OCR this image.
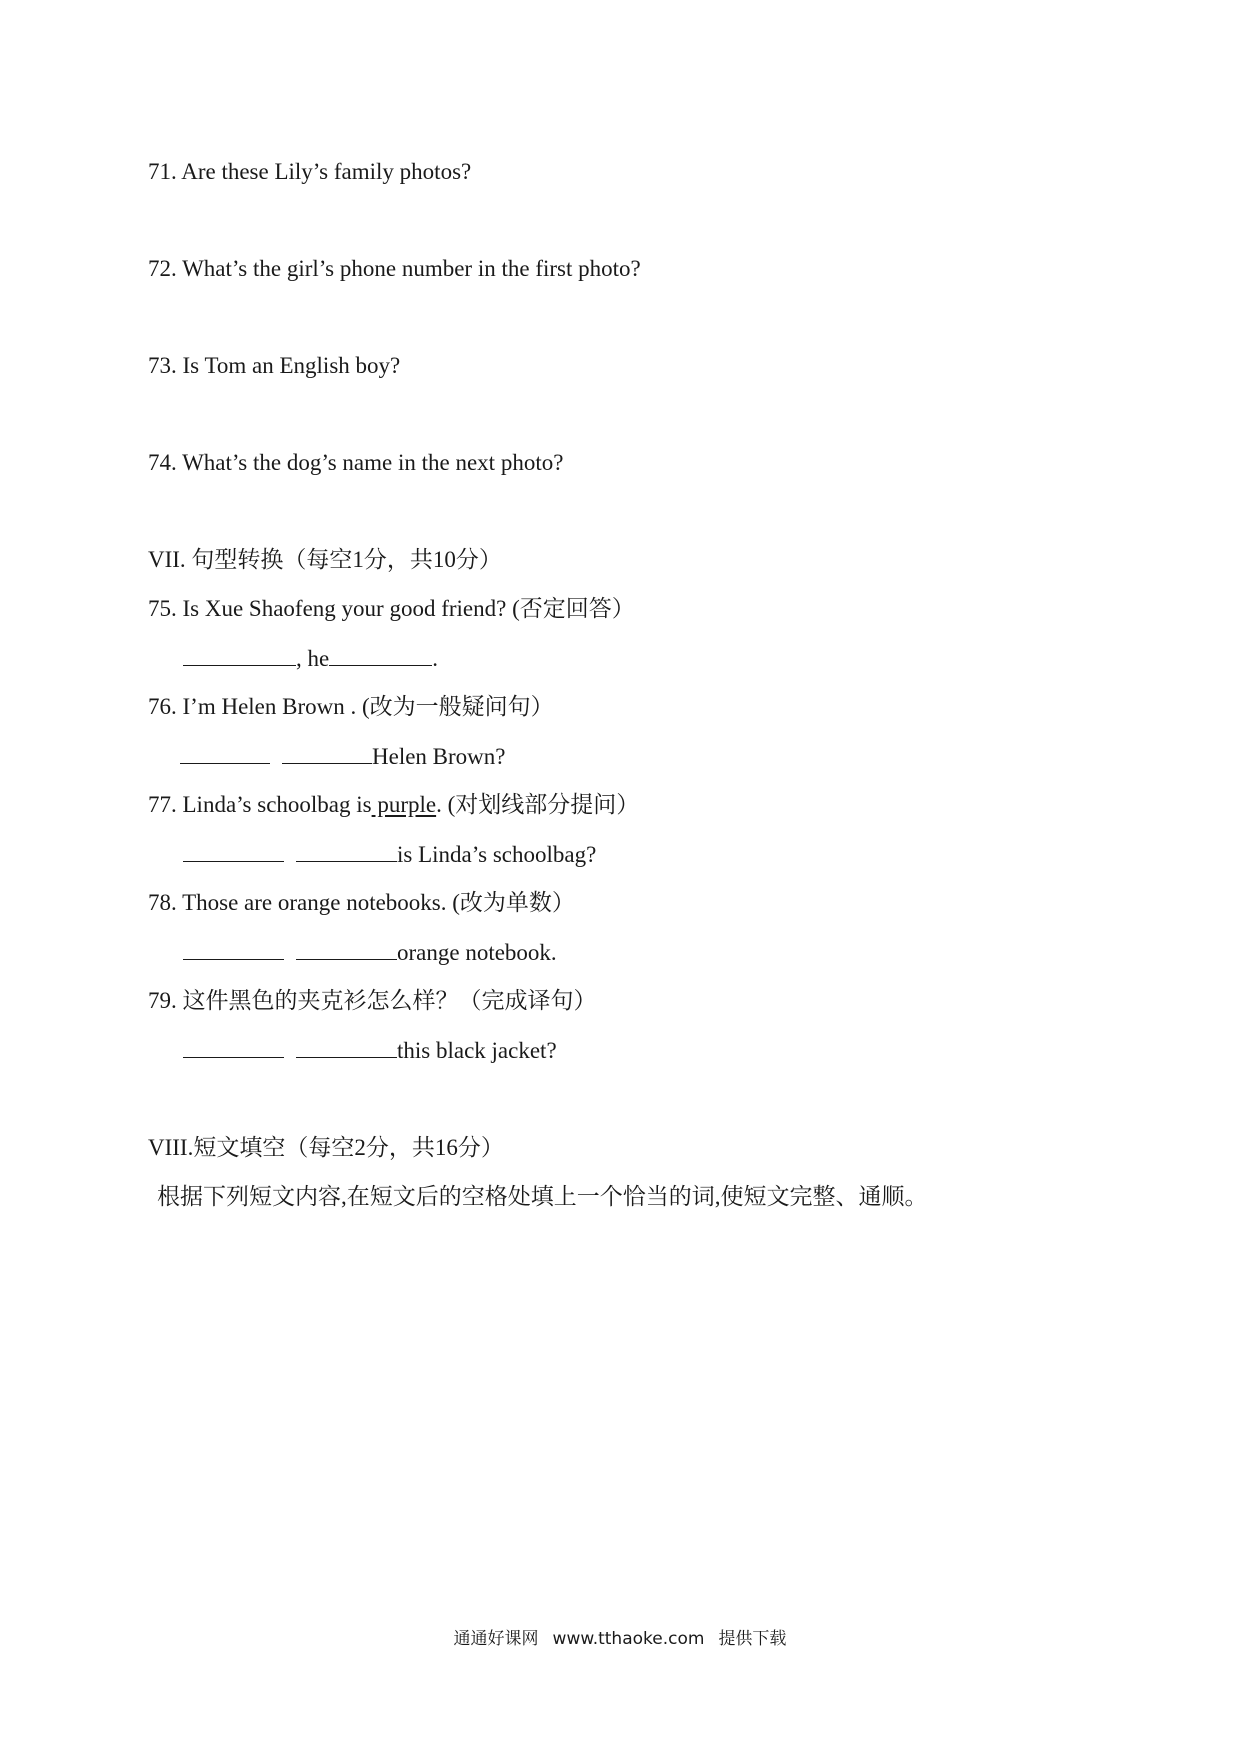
71. Are these Lily’s family photos?
72. What’s the girl’s phone number in the first photo?
73. Is Tom an English boy?
74. What’s the dog’s name in the next photo?
VII. 句型转换（每空1分，共10分）
75. Is Xue Shaofeng your good friend? (否定回答）
, he	.
76. I’m Helen Brown . (改为一般疑问句）
Helen Brown?
77. Linda’s schoolbag is purple. (对划线部分提问）
is Linda’s schoolbag?
78. Those are orange notebooks. (改为单数）
orange notebook.
79. 这件黑色的夹克衫怎么样？（完成译句）
this black jacket?
VIII.短文填空（每空2分，共16分）
根据下列短文内容,在短文后的空格处填上一个恰当的词,使短文完整、通顺。
通通好课网 www.tthaoke.com 提供下载
